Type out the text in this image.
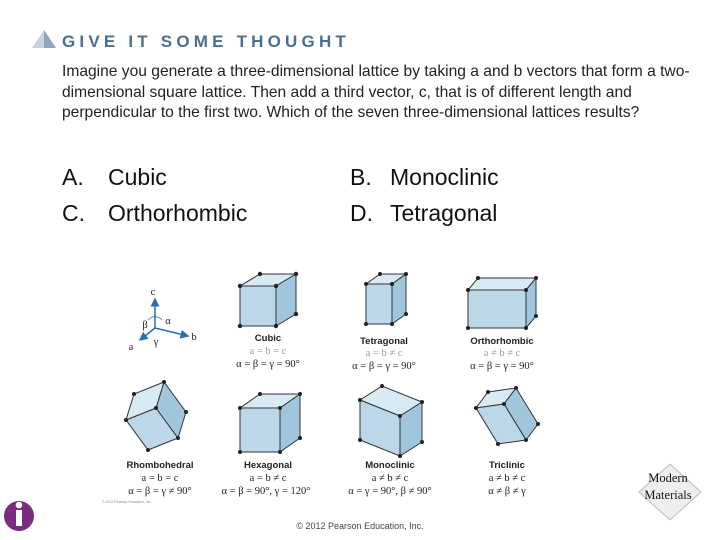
GIVE IT SOME THOUGHT
Imagine you generate a three-dimensional lattice by taking a and b vectors that form a two-dimensional square lattice. Then add a third vector, c, that is of different length and perpendicular to the first two. Which of the seven three-dimensional lattices results?
A. Cubic	B. Monoclinic
C. Orthorhombic	D. Tetragonal
c
b
a
α
β
γ	Cubic
a = b = c
α = β = γ = 90°
Tetragonal
a = b ≠ c
α = β = γ = 90°
Orthorhombic
a ≠ b ≠ c
α = β = γ = 90°
Rhombohedral
a = b = c
α = β = γ ≠ 90°
© 2012 Pearson Education, Inc.
Hexagonal
a = b ≠ c
α = β = 90°, γ = 120°
Monoclinic
a ≠ b ≠ c
α = γ = 90°, β ≠ 90°
Triclinic
a ≠ b ≠ c
α ≠ β ≠ γ
© 2012 Pearson Education, Inc.
Modern Materials
